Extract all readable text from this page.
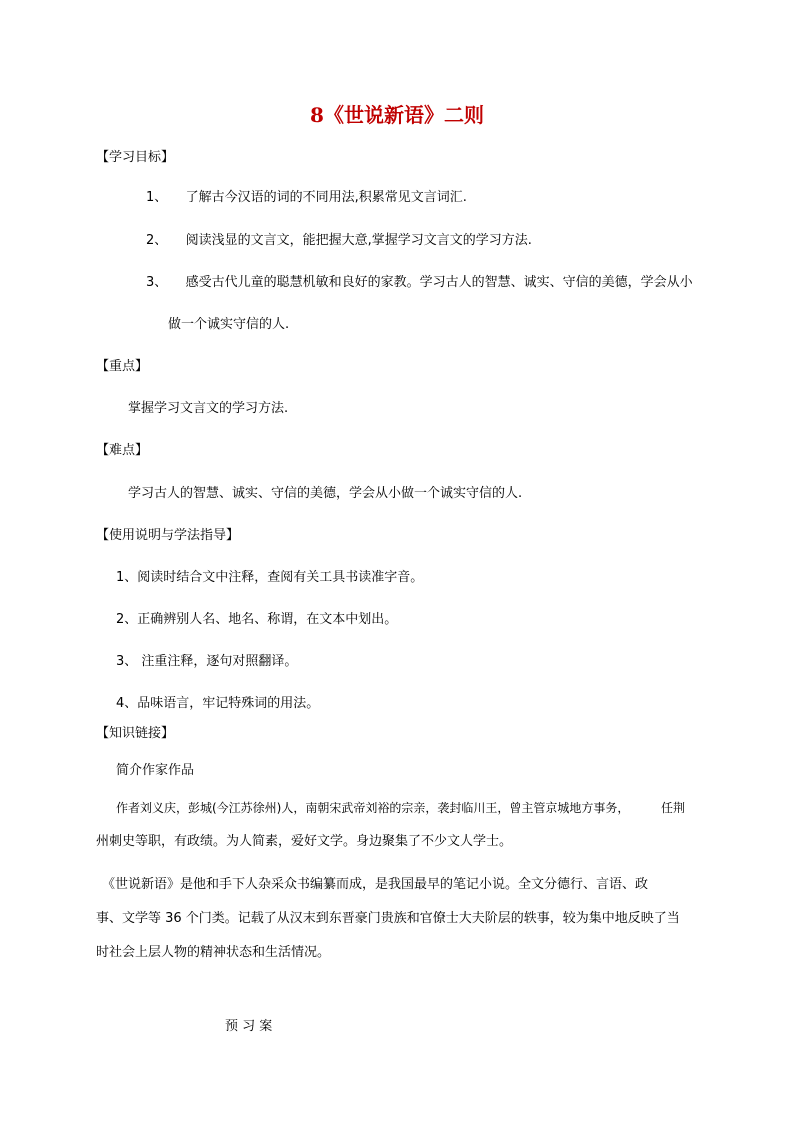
8《世说新语》二则
【学习目标】
1、 了解古今汉语的词的不同用法,积累常见文言词汇.
2、 阅读浅显的文言文，能把握大意,掌握学习文言文的学习方法.
3、 感受古代儿童的聪慧机敏和良好的家教。学习古人的智慧、诚实、守信的美德，学会从小
做一个诚实守信的人.
【重点】
掌握学习文言文的学习方法.
【难点】
学习古人的智慧、诚实、守信的美德，学会从小做一个诚实守信的人.
【使用说明与学法指导】
1、阅读时结合文中注释，查阅有关工具书读准字音。
2、正确辨别人名、地名、称谓，在文本中划出。
3、 注重注释，逐句对照翻译。
4、品味语言，牢记特殊词的用法。
【知识链接】
简介作家作品
作者刘义庆，彭城(今江苏徐州)人，南朝宋武帝刘裕的宗亲，袭封临川王，曾主管京城地方事务，	任荆
州刺史等职，有政绩。为人简素，爱好文学。身边聚集了不少文人学士。
《世说新语》是他和手下人杂采众书编纂而成，是我国最早的笔记小说。全文分德行、言语、政
事、文学等 36 个门类。记载了从汉末到东晋豪门贵族和官僚士大夫阶层的轶事，较为集中地反映了当
时社会上层人物的精神状态和生活情况。
预 习 案
